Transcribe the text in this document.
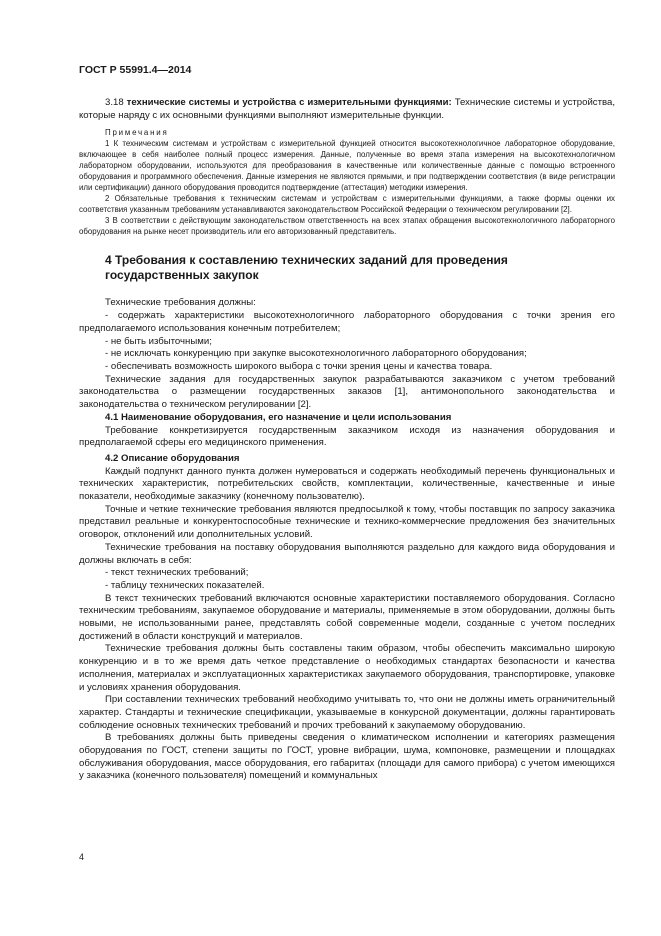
ГОСТ Р 55991.4—2014

3.18 технические системы и устройства с измерительными функциями: Технические системы и устройства, которые наряду с их основными функциями выполняют измерительные функции.

Примечания

1 К техническим системам и устройствам с измерительной функцией относится высокотехнологичное лабораторное оборудование, включающее в себя наиболее полный процесс измерения. Данные, полученные во время этапа измерения на высокотехнологичном лабораторном оборудовании, используются для преобразования в качественные или количественные данные с помощью встроенного оборудования и программного обеспечения. Данные измерения не являются прямыми, и при подтверждении соответствия (в виде регистрации или сертификации) данного оборудования проводится подтверждение (аттестация) методики измерения.

2 Обязательные требования к техническим системам и устройствам с измерительными функциями, а также формы оценки их соответствия указанным требованиям устанавливаются законодательством Российской Федерации о техническом регулировании [2].

3 В соответствии с действующим законодательством ответственность на всех этапах обращения высокотехнологичного лабораторного оборудования на рынке несет производитель или его авторизованный представитель.

4 Требования к составлению технических заданий для проведения государственных закупок

Технические требования должны:

- содержать характеристики высокотехнологичного лабораторного оборудования с точки зрения его предполагаемого использования конечным потребителем;

- не быть избыточными;

- не исключать конкуренцию при закупке высокотехнологичного лабораторного оборудования;

- обеспечивать возможность широкого выбора с точки зрения цены и качества товара.

Технические задания для государственных закупок разрабатываются заказчиком с учетом требований законодательства о размещении государственных заказов [1], антимонопольного законодательства и законодательства о техническом регулировании [2].

4.1 Наименование оборудования, его назначение и цели использования

Требование конкретизируется государственным заказчиком исходя из назначения оборудования и предполагаемой сферы его медицинского применения.

4.2 Описание оборудования

Каждый подпункт данного пункта должен нумероваться и содержать необходимый перечень функциональных и технических характеристик, потребительских свойств, комплектации, количественные, качественные и иные показатели, необходимые заказчику (конечному пользователю).

Точные и четкие технические требования являются предпосылкой к тому, чтобы поставщик по запросу заказчика представил реальные и конкурентоспособные технические и технико-коммерческие предложения без значительных оговорок, отклонений или дополнительных условий.

Технические требования на поставку оборудования выполняются раздельно для каждого вида оборудования и должны включать в себя:

- текст технических требований;

- таблицу технических показателей.

В текст технических требований включаются основные характеристики поставляемого оборудования. Согласно техническим требованиям, закупаемое оборудование и материалы, применяемые в этом оборудовании, должны быть новыми, не использованными ранее, представлять собой современные модели, созданные с учетом последних достижений в области конструкций и материалов.

Технические требования должны быть составлены таким образом, чтобы обеспечить максимально широкую конкуренцию и в то же время дать четкое представление о необходимых стандартах безопасности и качества исполнения, материалах и эксплуатационных характеристиках закупаемого оборудования, транспортировке, упаковке и условиях хранения оборудования.

При составлении технических требований необходимо учитывать то, что они не должны иметь ограничительный характер. Стандарты и технические спецификации, указываемые в конкурсной документации, должны гарантировать соблюдение основных технических требований и прочих требований к закупаемому оборудованию.

В требованиях должны быть приведены сведения о климатическом исполнении и категориях размещения оборудования по ГОСТ, степени защиты по ГОСТ, уровне вибрации, шума, компоновке, размещении и площадках обслуживания оборудования, массе оборудования, его габаритах (площади для самого прибора) с учетом имеющихся у заказчика (конечного пользователя) помещений и коммунальных

4
